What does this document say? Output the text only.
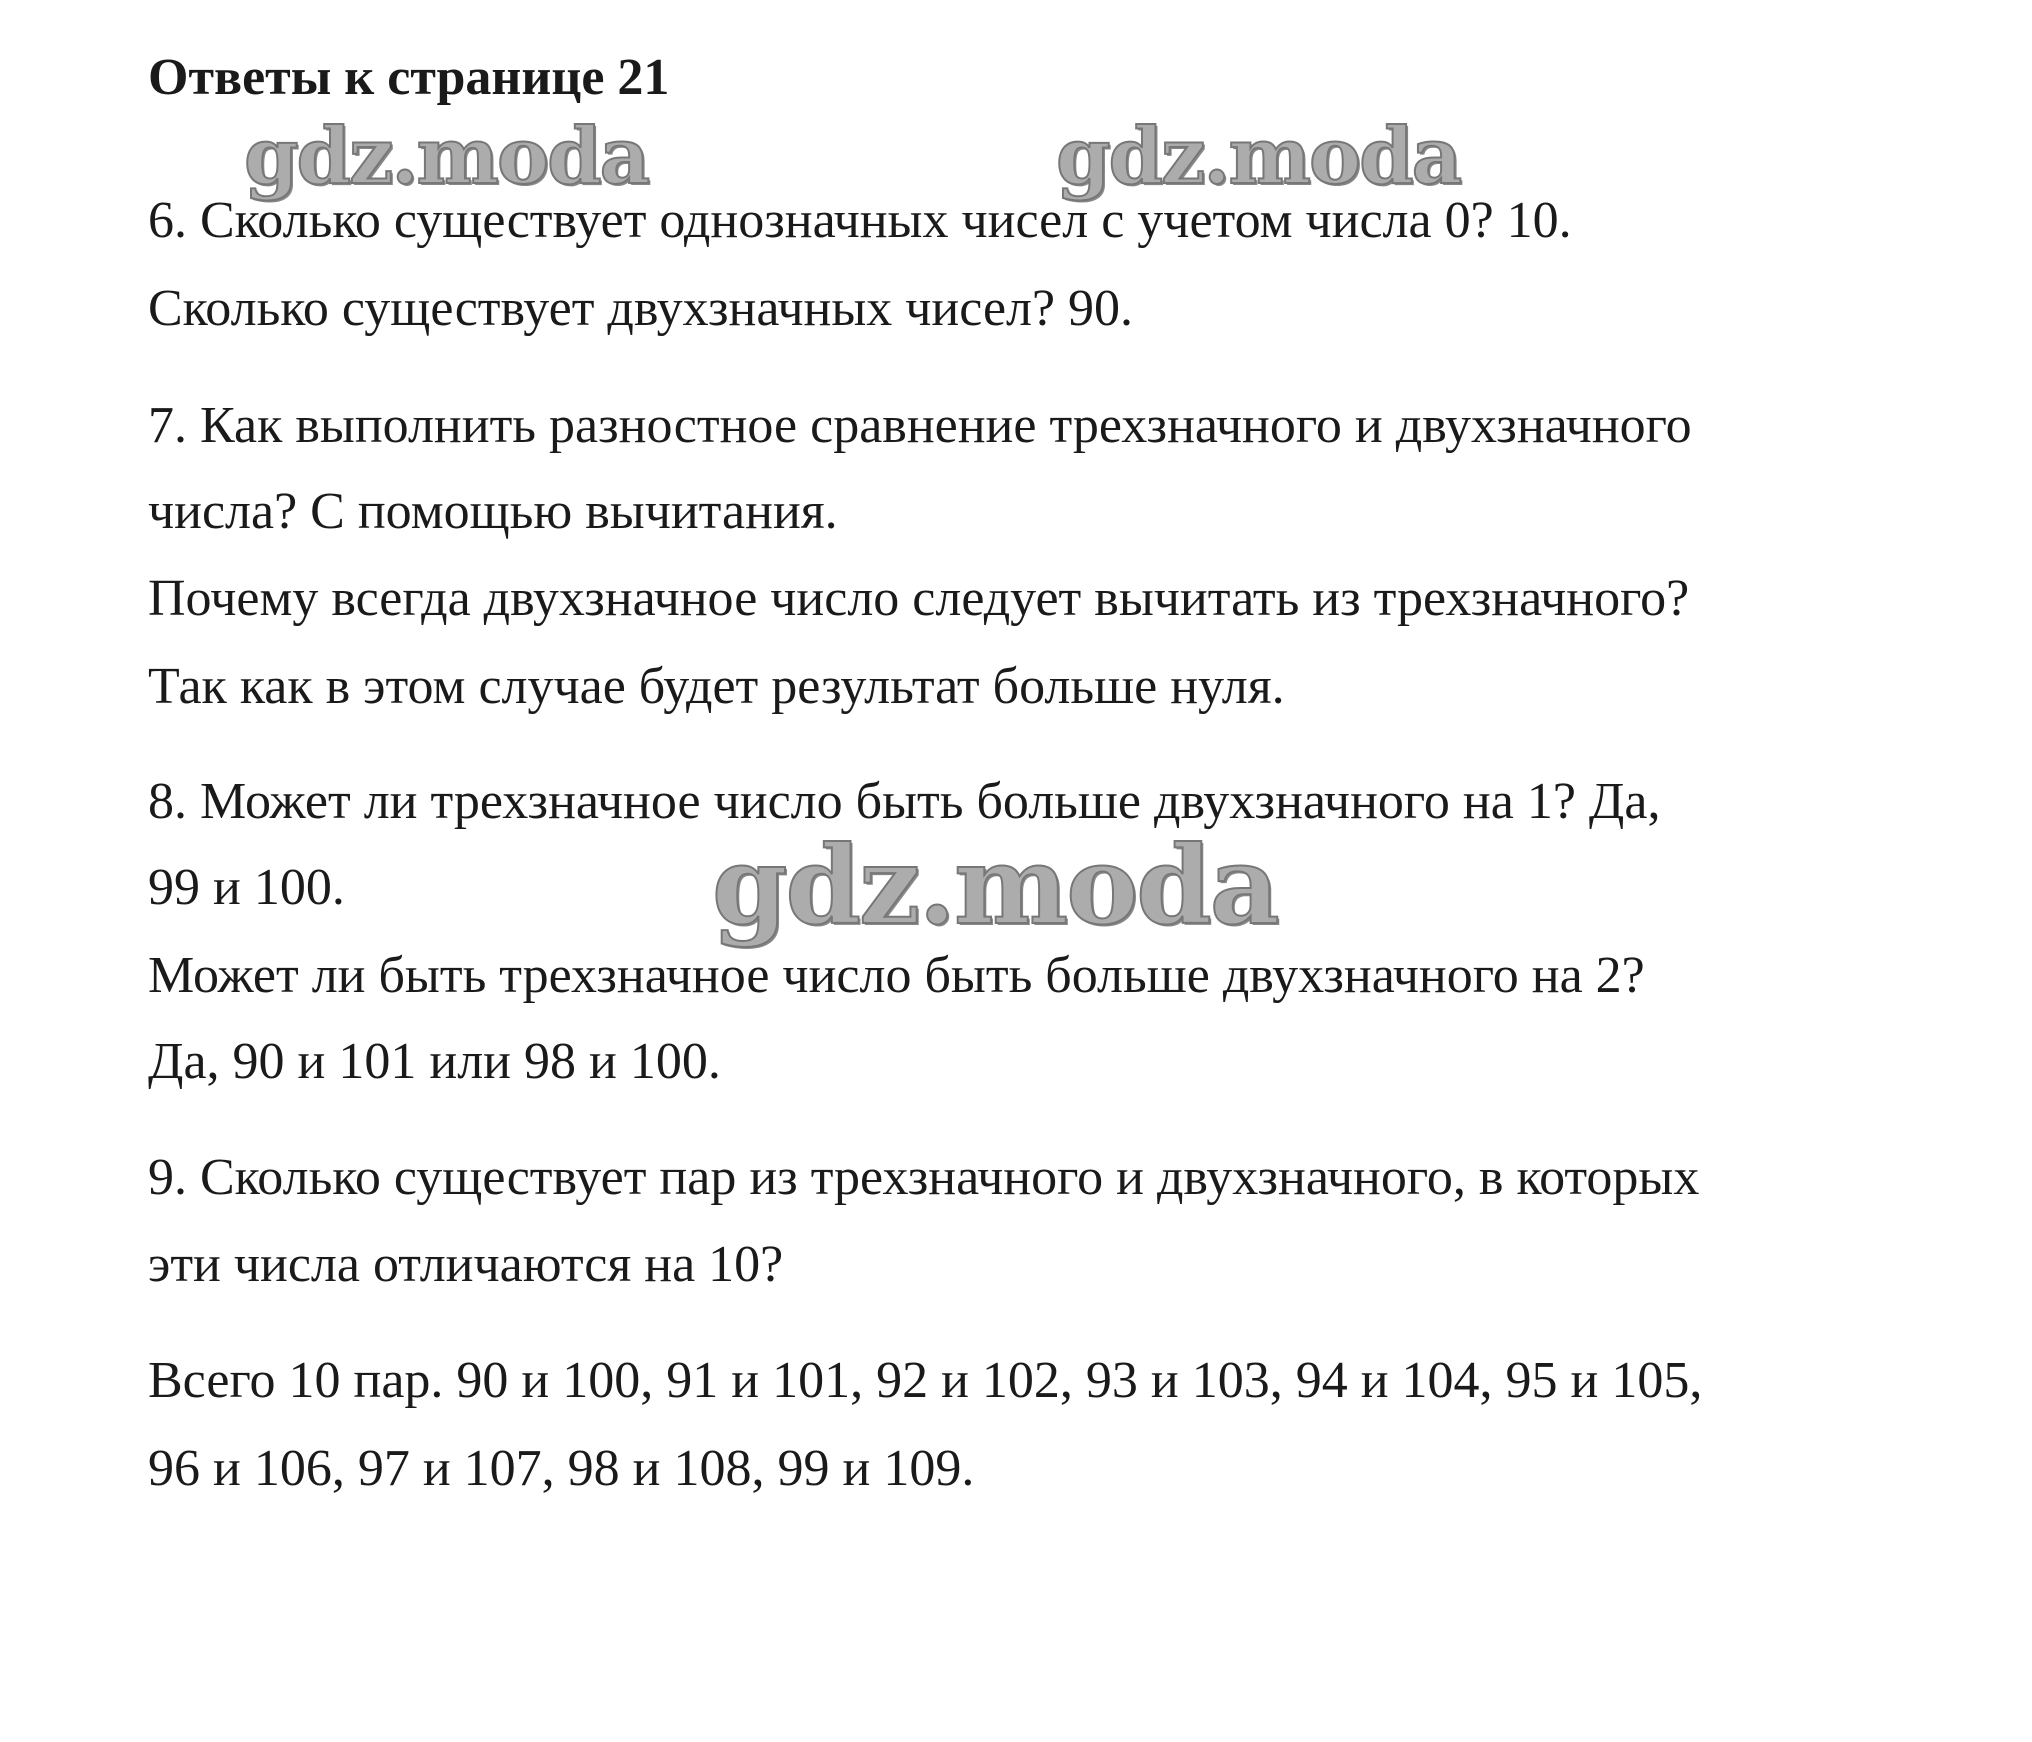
Ответы к странице 21
gdz.moda	gdz.moda
6. Сколько существует однозначных чисел с учетом числа 0? 10.
Сколько существует двухзначных чисел? 90.
7. Как выполнить разностное сравнение трехзначного и двухзначного
числа? С помощью вычитания.
Почему всегда двухзначное число следует вычитать из трехзначного?
Так как в этом случае будет результат больше нуля.
8. Может ли трехзначное число быть больше двухзначного на 1? Да,
99 и 100.
Может ли быть трехзначное число быть больше двухзначного на 2?
Да, 90 и 101 или 98 и 100.
gdz.moda
9. Сколько существует пар из трехзначного и двухзначного, в которых
эти числа отличаются на 10?
Всего 10 пар. 90 и 100, 91 и 101, 92 и 102, 93 и 103, 94 и 104, 95 и 105,
96 и 106, 97 и 107, 98 и 108, 99 и 109.
